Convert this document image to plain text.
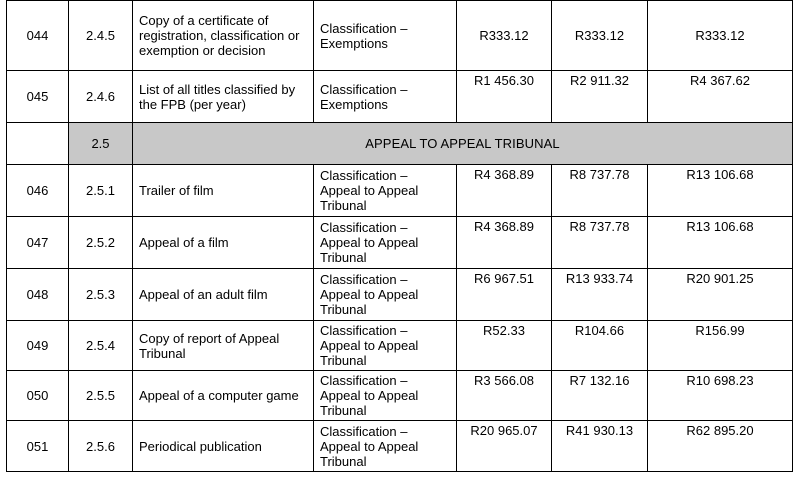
044	2.4.5	Copy of a certificate of registration, classification or exemption or decision	Classification – Exemptions	R333.12	R333.12	R333.12
045	2.4.6	List of all titles classified by the FPB (per year)	Classification – Exemptions	R1 456.30	R2 911.32	R4 367.62
	2.5	APPEAL TO APPEAL TRIBUNAL				
046	2.5.1	Trailer of film	Classification – Appeal to Appeal Tribunal	R4 368.89	R8 737.78	R13 106.68
047	2.5.2	Appeal of a film	Classification – Appeal to Appeal Tribunal	R4 368.89	R8 737.78	R13 106.68
048	2.5.3	Appeal of an adult film	Classification – Appeal to Appeal Tribunal	R6 967.51	R13 933.74	R20 901.25
049	2.5.4	Copy of report of Appeal Tribunal	Classification – Appeal to Appeal Tribunal	R52.33	R104.66	R156.99
050	2.5.5	Appeal of a computer game	Classification – Appeal to Appeal Tribunal	R3 566.08	R7 132.16	R10 698.23
051	2.5.6	Periodical publication	Classification – Appeal to Appeal Tribunal	R20 965.07	R41 930.13	R62 895.20
